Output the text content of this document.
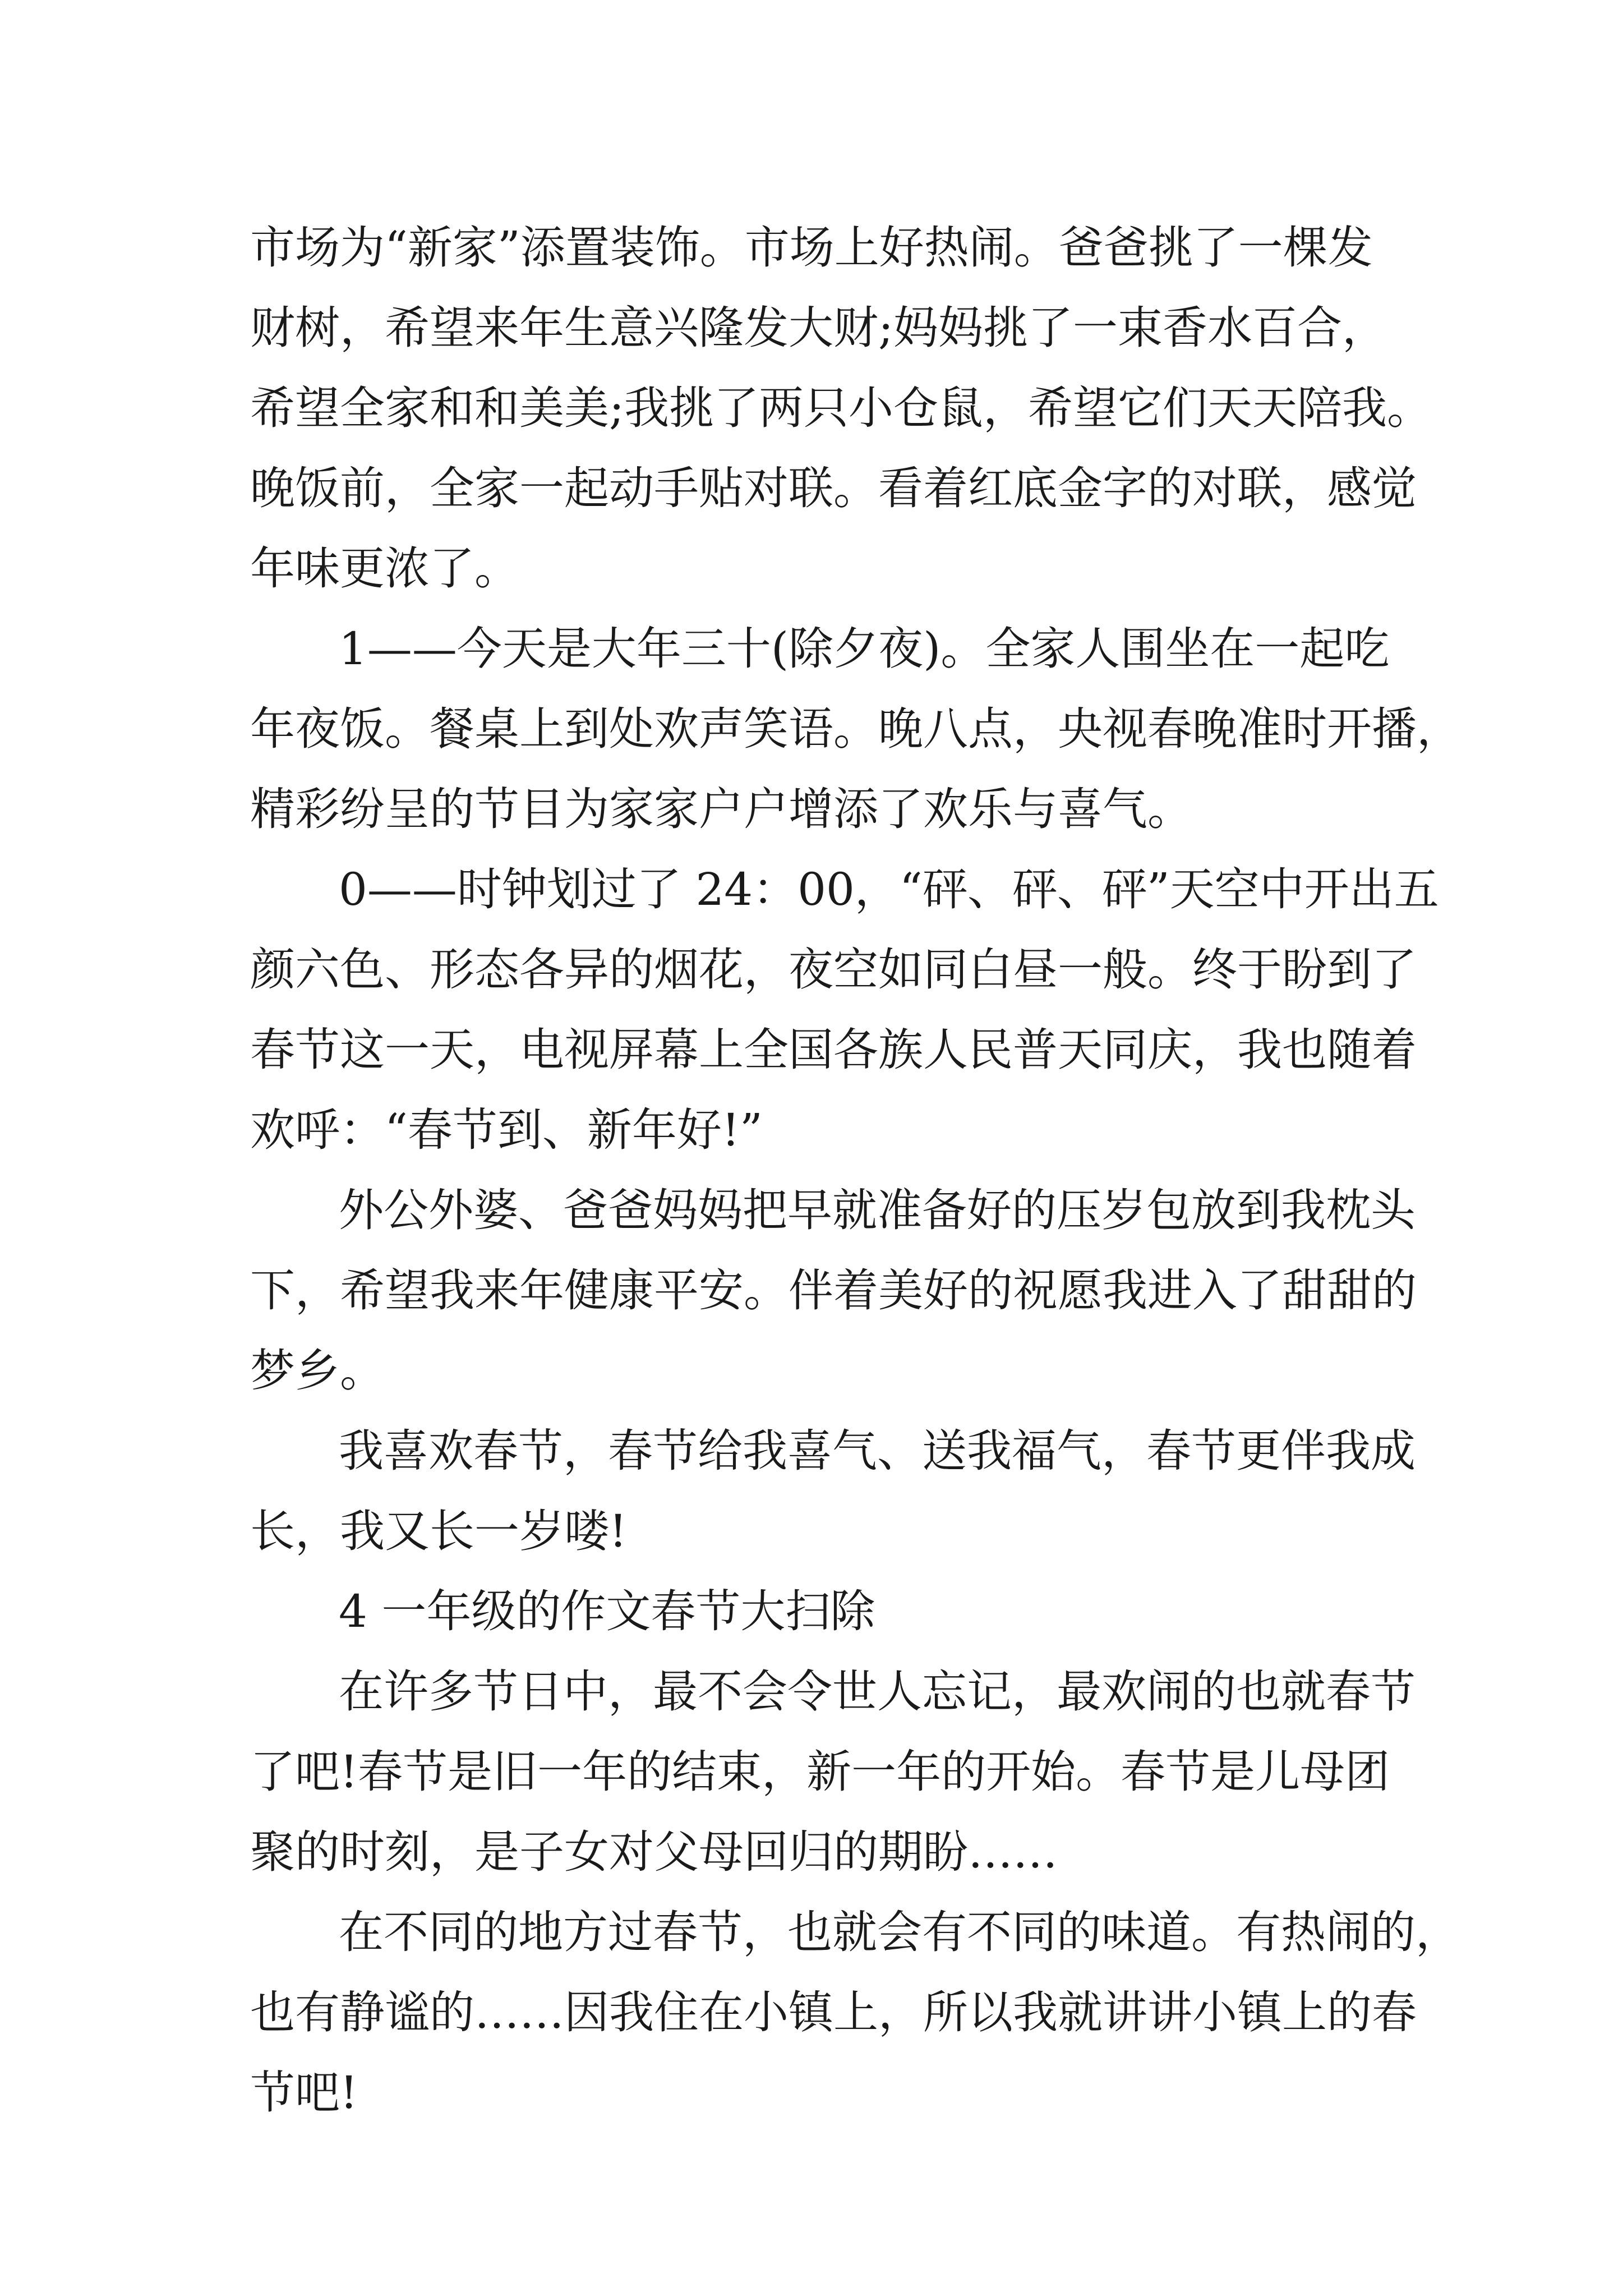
市场为“新家”添置装饰。市场上好热闹。爸爸挑了一棵发
财树，希望来年生意兴隆发大财;妈妈挑了一束香水百合，
希望全家和和美美;我挑了两只小仓鼠，希望它们天天陪我。
晚饭前，全家一起动手贴对联。看着红底金字的对联，感觉
年味更浓了。
1——今天是大年三十(除夕夜)。全家人围坐在一起吃
年夜饭。餐桌上到处欢声笑语。晚八点，央视春晚准时开播，
精彩纷呈的节目为家家户户增添了欢乐与喜气。
0——时钟划过了 24：00，“砰、砰、砰”天空中开出五
颜六色、形态各异的烟花，夜空如同白昼一般。终于盼到了
春节这一天，电视屏幕上全国各族人民普天同庆，我也随着
欢呼：“春节到、新年好!”
外公外婆、爸爸妈妈把早就准备好的压岁包放到我枕头
下，希望我来年健康平安。伴着美好的祝愿我进入了甜甜的
梦乡。
我喜欢春节，春节给我喜气、送我福气，春节更伴我成
长，我又长一岁喽!
4 一年级的作文春节大扫除
在许多节日中，最不会令世人忘记，最欢闹的也就春节
了吧!春节是旧一年的结束，新一年的开始。春节是儿母团
聚的时刻，是子女对父母回归的期盼……
在不同的地方过春节，也就会有不同的味道。有热闹的，
也有静谧的……因我住在小镇上，所以我就讲讲小镇上的春
节吧!
